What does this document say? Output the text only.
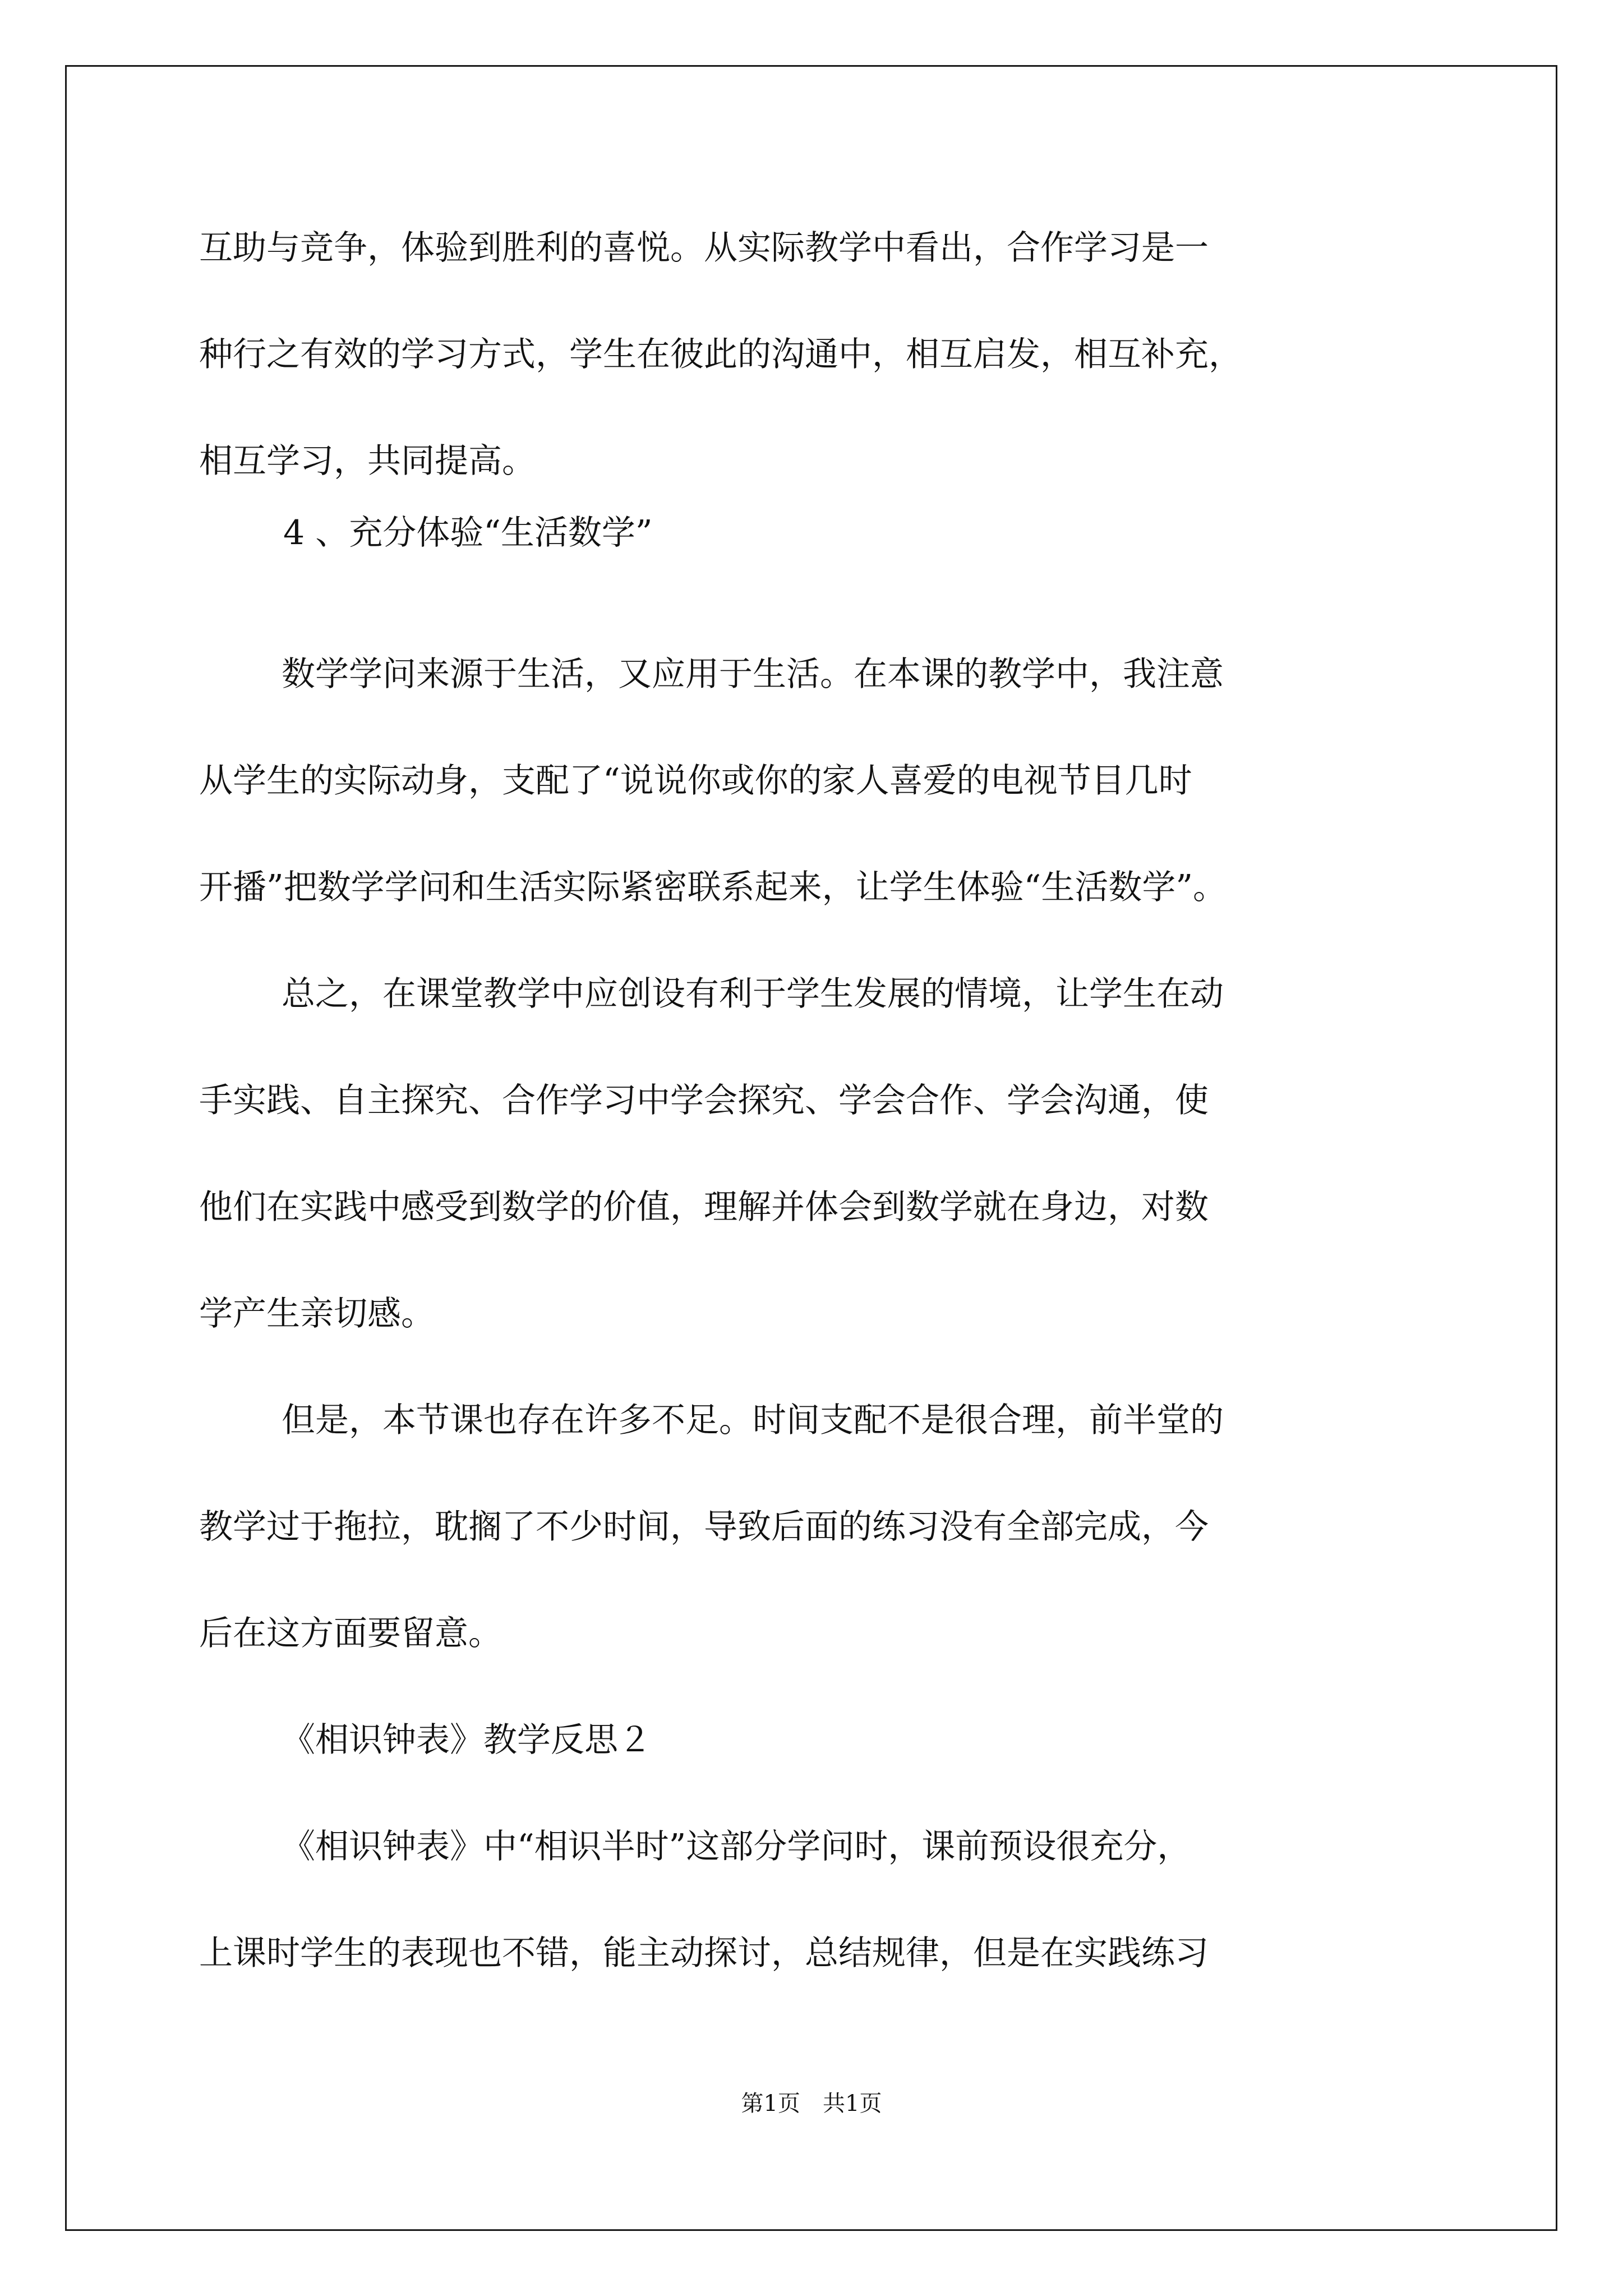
互助与竞争，体验到胜利的喜悦。从实际教学中看出，合作学习是一
种行之有效的学习方式，学生在彼此的沟通中，相互启发，相互补充，
相互学习，共同提高。
4 、充分体验“生活数学”
数学学问来源于生活，又应用于生活。在本课的教学中，我注意
从学生的实际动身，支配了“说说你或你的家人喜爱的电视节目几时
开播”把数学学问和生活实际紧密联系起来，让学生体验“生活数学”。
总之，在课堂教学中应创设有利于学生发展的情境，让学生在动
手实践、自主探究、合作学习中学会探究、学会合作、学会沟通，使
他们在实践中感受到数学的价值，理解并体会到数学就在身边，对数
学产生亲切感。
但是，本节课也存在许多不足。时间支配不是很合理，前半堂的
教学过于拖拉，耽搁了不少时间，导致后面的练习没有全部完成，今
后在这方面要留意。
《相识钟表》教学反思２
《相识钟表》中“相识半时”这部分学问时，课前预设很充分，
上课时学生的表现也不错，能主动探讨，总结规律，但是在实践练习
第1页　共1页
